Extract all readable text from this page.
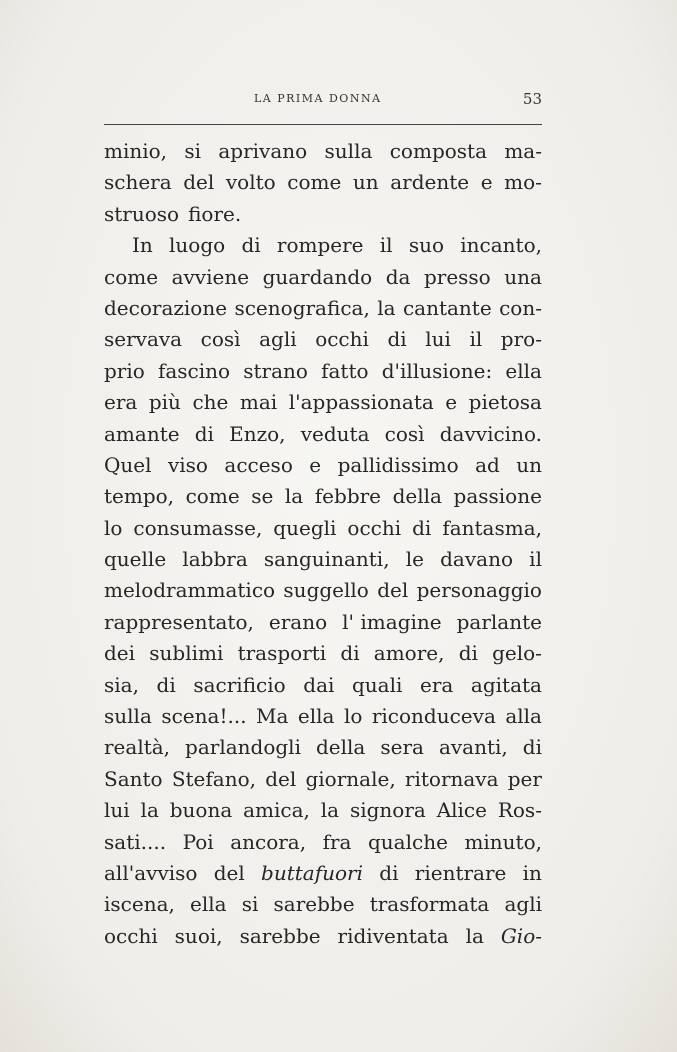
LA PRIMA DONNA	53
minio, si aprivano sulla composta ma-
schera del volto come un ardente e mo-
struoso fiore.
In luogo di rompere il suo incanto,
come avviene guardando da presso una
decorazione scenografica, la cantante con-
servava così agli occhi di lui il pro-
prio fascino strano fatto d'illusione: ella
era più che mai l'appassionata e pietosa
amante di Enzo, veduta così davvicino.
Quel viso acceso e pallidissimo ad un
tempo, come se la febbre della passione
lo consumasse, quegli occhi di fantasma,
quelle labbra sanguinanti, le davano il
melodrammatico suggello del personaggio
rappresentato, erano l' imagine parlante
dei sublimi trasporti di amore, di gelo-
sia, di sacrificio dai quali era agitata
sulla scena!... Ma ella lo riconduceva alla
realtà, parlandogli della sera avanti, di
Santo Stefano, del giornale, ritornava per
lui la buona amica, la signora Alice Ros-
sati.... Poi ancora, fra qualche minuto,
all'avviso del buttafuori di rientrare in
iscena, ella si sarebbe trasformata agli
occhi suoi, sarebbe ridiventata la Gio-
